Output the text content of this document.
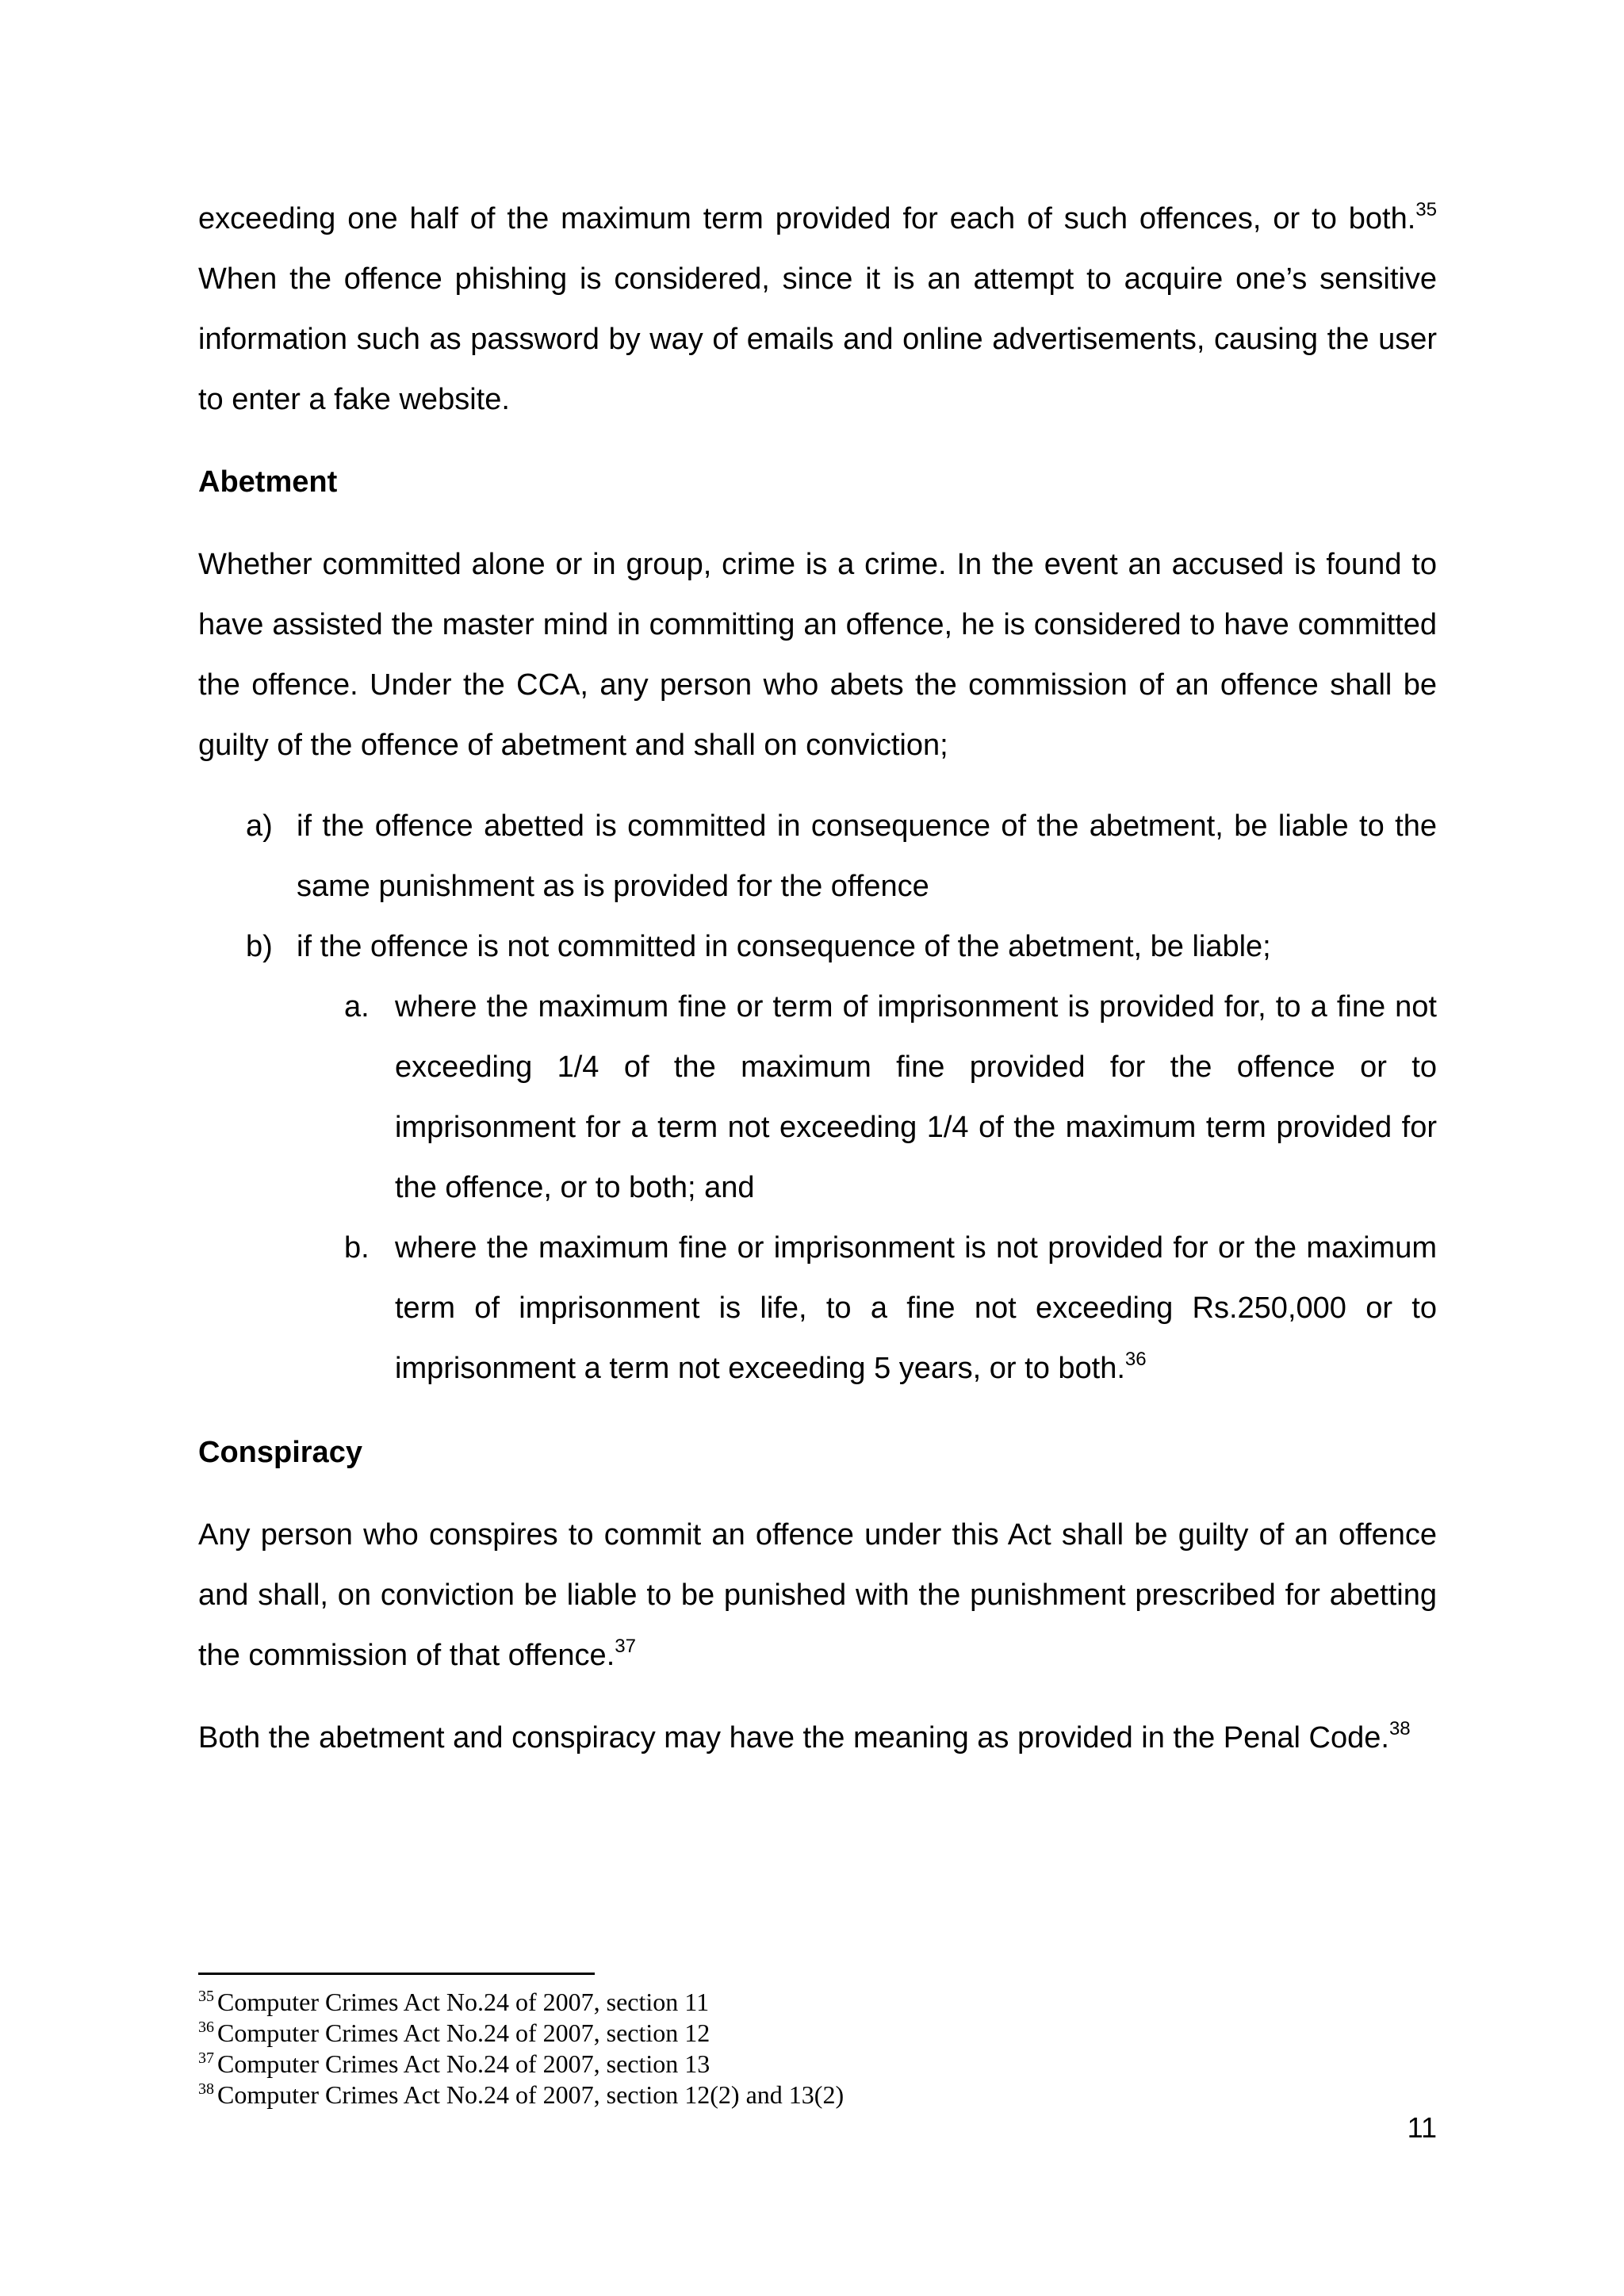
exceeding one half of the maximum term provided for each of such offences, or to both.$^{35}$ When the offence phishing is considered, since it is an attempt to acquire one’s sensitive information such as password by way of emails and online advertisements, causing the user to enter a fake website.

Abetment

Whether committed alone or in group, crime is a crime. In the event an accused is found to have assisted the master mind in committing an offence, he is considered to have committed the offence. Under the CCA, any person who abets the commission of an offence shall be guilty of the offence of abetment and shall on conviction;

a) if the offence abetted is committed in consequence of the abetment, be liable to the same punishment as is provided for the offence
b) if the offence is not committed in consequence of the abetment, be liable;
a. where the maximum fine or term of imprisonment is provided for, to a fine not exceeding 1/4 of the maximum fine provided for the offence or to imprisonment for a term not exceeding 1/4 of the maximum term provided for the offence, or to both; and
b. where the maximum fine or imprisonment is not provided for or the maximum term of imprisonment is life, to a fine not exceeding Rs.250,000 or to imprisonment a term not exceeding 5 years, or to both.$^{36}$
Conspiracy

Any person who conspires to commit an offence under this Act shall be guilty of an offence and shall, on conviction be liable to be punished with the punishment prescribed for abetting the commission of that offence.$^{37}$

Both the abetment and conspiracy may have the meaning as provided in the Penal Code.$^{38}$

$^{35}$ Computer Crimes Act No.24 of 2007, section 11

$^{36}$ Computer Crimes Act No.24 of 2007, section 12

$^{37}$ Computer Crimes Act No.24 of 2007, section 13

$^{38}$ Computer Crimes Act No.24 of 2007, section 12(2) and 13(2)

11
